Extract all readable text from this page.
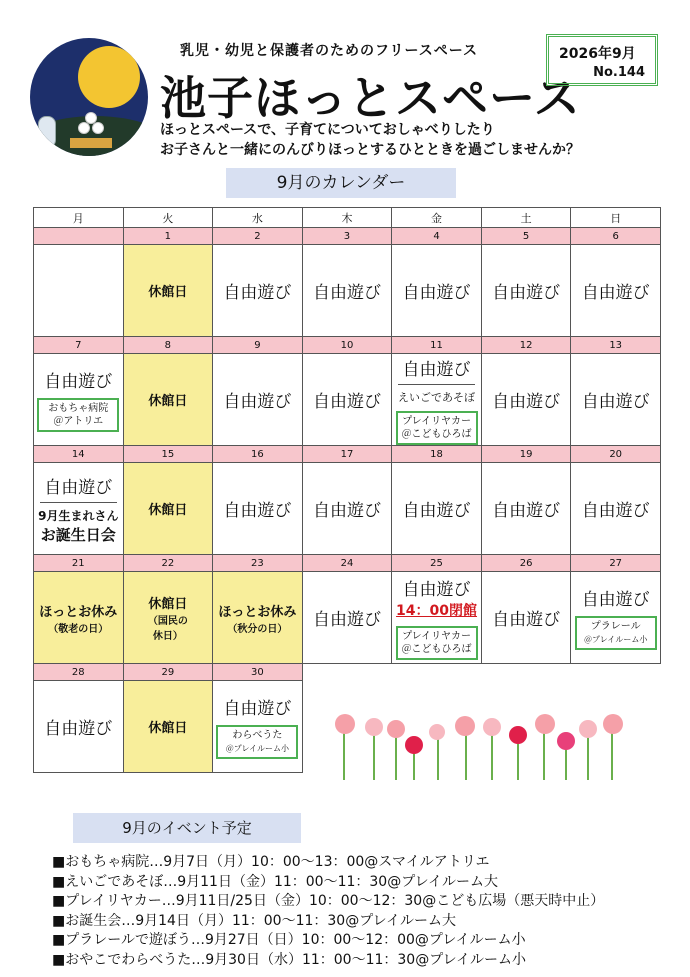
乳児・幼児と保護者のためのフリースペース
池子ほっとスペース
2026年9月
No.144
ほっとスペースで、子育てについておしゃべりしたり
お子さんと一緒にのんびりほっとするひとときを過ごしませんか？
9月のカレンダー
月	火	水	木	金	土	日
	1	2	3	4	5	6
	休館日	自由遊び	自由遊び	自由遊び	自由遊び	自由遊び
7	8	9	10	11	12	13

自由遊び
おもちゃ病院
＠アトリエ	休館日	自由遊び	自由遊び	自由遊び
えいごであそぼ
プレイリヤカー
＠こどもひろば	自由遊び	自由遊び
14	15	16	17	18	19	20

自由遊び
9月生まれさん
お誕生日会	休館日	自由遊び	自由遊び	自由遊び	自由遊び	自由遊び
21	22	23	24	25	26	27

ほっとお休み
（敬老の日）	休館日
（国民の
休日）	ほっとお休み
（秋分の日）	自由遊び	自由遊び
14：00閉館
プレイリヤカー
＠こどもひろば	自由遊び	自由遊び
プラレール
＠プレイルーム小

28	29	30				
自由遊び	休館日	自由遊び
わらべうた
＠プレイルーム小				

9月のイベント予定
■ おもちゃ病院…9月7日（月）10：00～13：00@スマイルアトリエ
■ えいごであそぼ…9月11日（金）11：00～11：30@プレイルーム大
■ プレイリヤカー…9月11日/25日（金）10：00～12：30@こども広場（悪天時中止）
■ お誕生会…9月14日（月）11：00～11：30@プレイルーム大
■ プラレールで遊ぼう…9月27日（日）10：00～12：00@プレイルーム小
■ おやこでわらべうた…9月30日（水）11：00～11：30@プレイルーム小
